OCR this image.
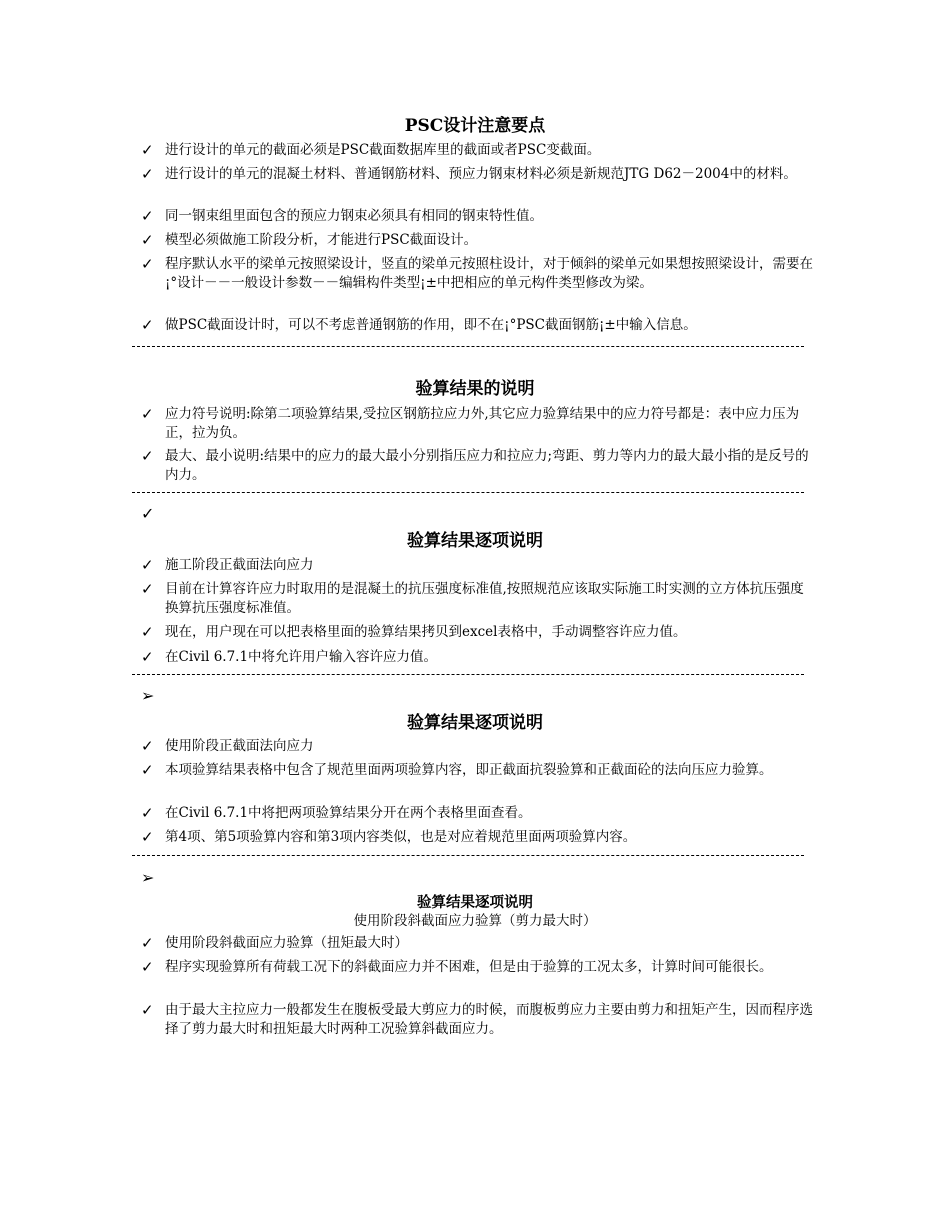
PSC设计注意要点
✓ 进行设计的单元的截面必须是PSC截面数据库里的截面或者PSC变截面。
✓ 进行设计的单元的混凝土材料、普通钢筋材料、预应力钢束材料必须是新规范JTG D62－2004中的材料。
✓ 同一钢束组里面包含的预应力钢束必须具有相同的钢束特性值。
✓ 模型必须做施工阶段分析，才能进行PSC截面设计。
✓ 程序默认水平的梁单元按照梁设计，竖直的梁单元按照柱设计，对于倾斜的梁单元如果想按照梁设计，需要在¡°设计－－一般设计参数－－编辑构件类型¡±中把相应的单元构件类型修改为梁。
✓ 做PSC截面设计时，可以不考虑普通钢筋的作用，即不在¡°PSC截面钢筋¡±中输入信息。
验算结果的说明
✓ 应力符号说明:除第二项验算结果,受拉区钢筋拉应力外,其它应力验算结果中的应力符号都是：表中应力压为正，拉为负。
✓ 最大、最小说明:结果中的应力的最大最小分别指压应力和拉应力;弯距、剪力等内力的最大最小指的是反号的内力。
✓
验算结果逐项说明
✓ 施工阶段正截面法向应力
✓ 目前在计算容许应力时取用的是混凝土的抗压强度标准值,按照规范应该取实际施工时实测的立方体抗压强度换算抗压强度标准值。
✓ 现在，用户现在可以把表格里面的验算结果拷贝到excel表格中，手动调整容许应力值。
✓ 在Civil 6.7.1中将允许用户输入容许应力值。
➢
验算结果逐项说明
✓ 使用阶段正截面法向应力
✓ 本项验算结果表格中包含了规范里面两项验算内容，即正截面抗裂验算和正截面砼的法向压应力验算。
✓ 在Civil 6.7.1中将把两项验算结果分开在两个表格里面查看。
✓ 第4项、第5项验算内容和第3项内容类似，也是对应着规范里面两项验算内容。
➢
验算结果逐项说明
使用阶段斜截面应力验算（剪力最大时）
✓ 使用阶段斜截面应力验算（扭矩最大时）
✓ 程序实现验算所有荷载工况下的斜截面应力并不困难，但是由于验算的工况太多，计算时间可能很长。
✓ 由于最大主拉应力一般都发生在腹板受最大剪应力的时候，而腹板剪应力主要由剪力和扭矩产生，因而程序选择了剪力最大时和扭矩最大时两种工况验算斜截面应力。
